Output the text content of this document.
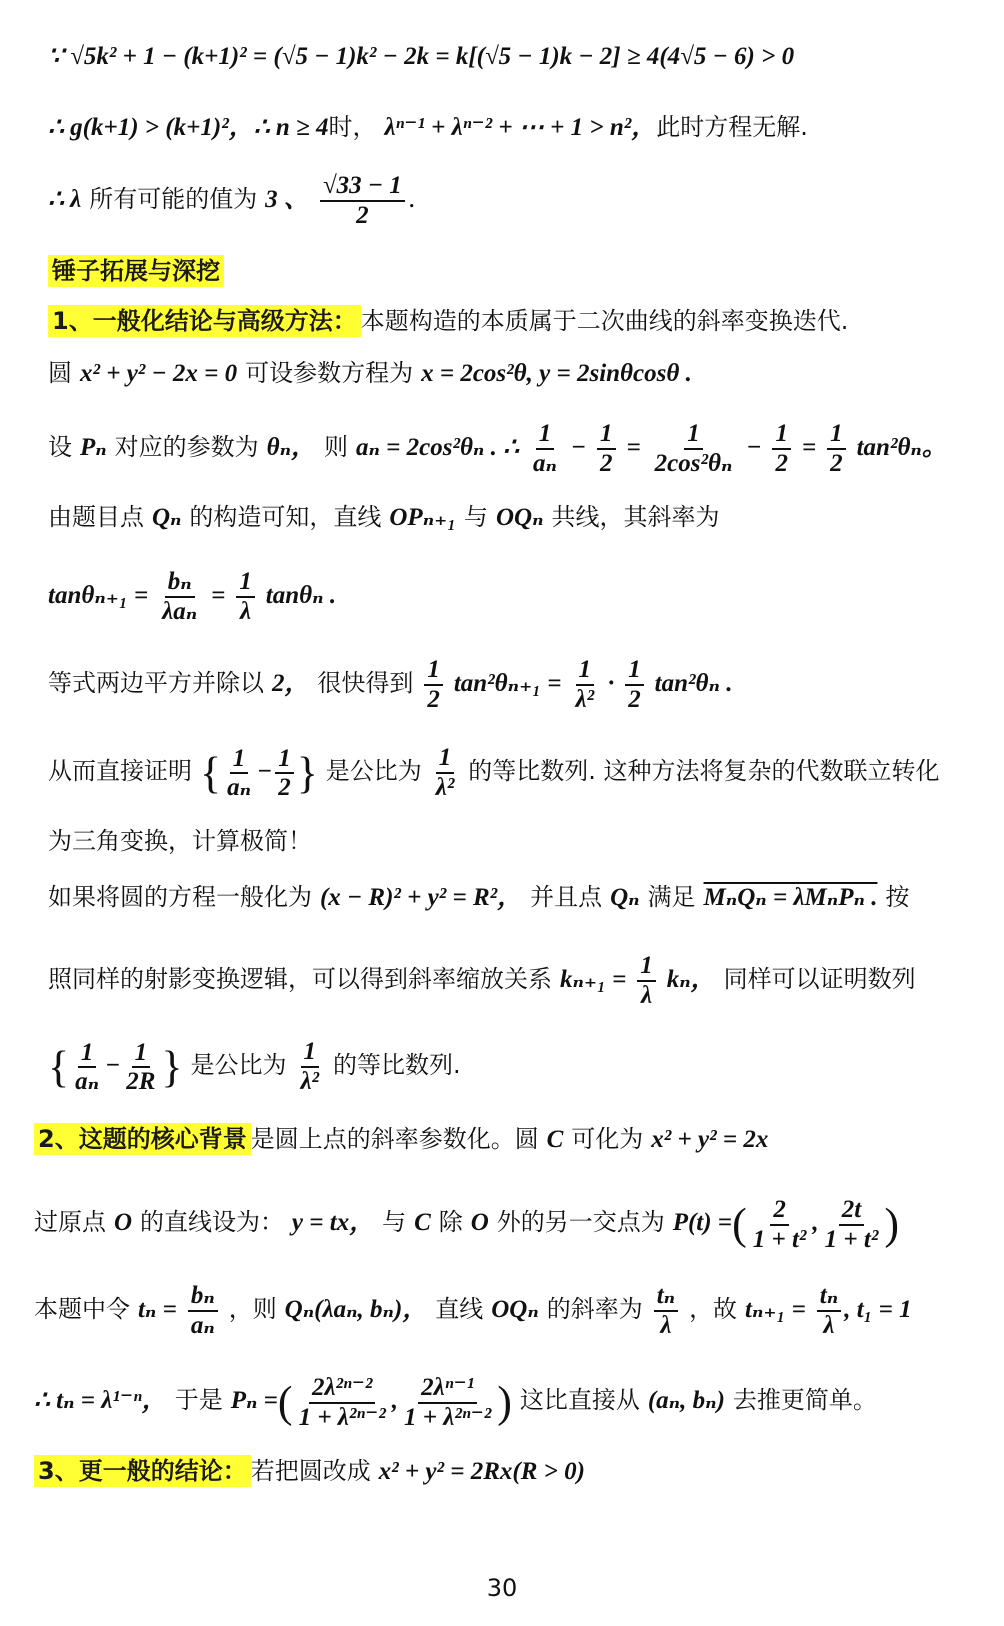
∵ √5k² + 1 − (k+1)² = (√5 − 1)k² − 2k = k[(√5 − 1)k − 2] ≥ 4(4√5 − 6) > 0
∴ g(k+1) > (k+1)²，∴ n ≥ 4时， λⁿ⁻¹ + λⁿ⁻² + ⋯ + 1 > n²，此时方程无解.
∴ λ 所有可能的值为 3 、 $\frac{√33 - 1}{2}$ .
锤子拓展与深挖
1、一般化结论与高级方法： 本题构造的本质属于二次曲线的斜率变换迭代.
圆 x² + y² − 2x = 0 可设参数方程为 x = 2cos²θ, y = 2sinθcosθ .
设 Pₙ 对应的参数为 θₙ， 则 aₙ = 2cos²θₙ . ∴ $\frac{1}{\text{aₙ}} - \frac{1}{2} = \frac{1}{\text{2cos²θₙ}} - \frac{1}{2} = \frac{1}{2} \tan^2\theta_n$。
由题目点 Qₙ 的构造可知，直线 OPₙ₊₁ 与 OQₙ 共线，其斜率为
$\tan\theta_{n+1} = \frac{\text{bₙ}}{\text{λaₙ}} = \frac{1}{\lambda}$ tanθₙ .
等式两边平方并除以 2， 很快得到 $\frac{1}{2} \tan^2\theta_{n+1} = \frac{1}{\text{λ²}} \cdot \frac{1}{2} \tan^2\theta_n$ .
从而直接证明 { $\frac{1}{\text{aₙ}} - \frac{1}{2}$ } 是公比为 $\frac{1}{\text{λ²}}$ 的等比数列. 这种方法将复杂的代数联立转化
为三角变换，计算极简！
如果将圆的方程一般化为 (x − R)² + y² = R²， 并且点 Qₙ 满足 MₙQₙ = λMₙPₙ . 按
照同样的射影变换逻辑，可以得到斜率缩放关系 $k_{n+1} = \frac{1}{\lambda}$ kₙ， 同样可以证明数列
{ $\frac{1}{\text{aₙ}} - \frac{1}{2R}$ } 是公比为 $\frac{1}{\text{λ²}}$ 的等比数列.
2、这题的核心背景 是圆上点的斜率参数化。圆 C 可化为 x² + y² = 2x
过原点 O 的直线设为： y = tx， 与 C 除 O 外的另一交点为 P(t) =( $\frac{2}{\text{1 + t²}}$ , $\frac{2t}{\text{1 + t²}}$ )
本题中令 $t_n = \frac{\text{bₙ}}{\text{aₙ}}$ ，则 Qₙ(λaₙ, bₙ)， 直线 OQₙ 的斜率为 $\frac{\text{tₙ}}{\lambda}$ ，故 $t_{n+1} = \frac{\text{tₙ}}{\lambda}$ , t₁ = 1
∴ tₙ = λ¹⁻ⁿ， 于是 Pₙ =( $\frac{\text{2λ²ⁿ⁻²}}{\text{1 + λ²ⁿ⁻²}}$ , $\frac{\text{2λⁿ⁻¹}}{\text{1 + λ²ⁿ⁻²}}$ ) 这比直接从 (aₙ, bₙ) 去推更简单。
3、更一般的结论： 若把圆改成 x² + y² = 2Rx(R > 0)
30
